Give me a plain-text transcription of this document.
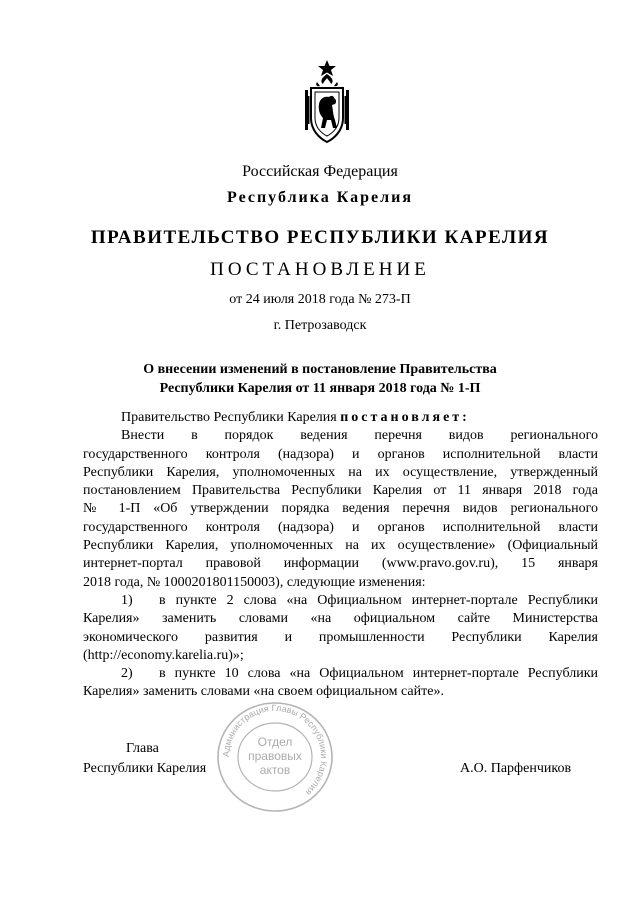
Российская Федерация
Республика Карелия
ПРАВИТЕЛЬСТВО РЕСПУБЛИКИ КАРЕЛИЯ
ПОСТАНОВЛЕНИЕ
от 24 июля 2018 года № 273-П
г. Петрозаводск
О внесении изменений в постановление Правительства
Республики Карелия от 11 января 2018 года № 1-П

Правительство Республики Карелия постановляет:

Внести в порядок ведения перечня видов регионального

государственного контроля (надзора) и органов исполнительной власти

Республики Карелия, уполномоченных на их осуществление, утвержденный

постановлением Правительства Республики Карелия от 11 января 2018 года

№ 1-П «Об утверждении порядка ведения перечня видов регионального

государственного контроля (надзора) и органов исполнительной власти

Республики Карелия, уполномоченных на их осуществление» (Официальный

интернет-портал правовой информации (www.pravo.gov.ru), 15 января

2018 года, № 1000201801150003), следующие изменения:

1) в пункте 2 слова «на Официальном интернет-портале Республики

Карелия» заменить словами «на официальном сайте Министерства

экономического развития и промышленности Республики Карелия

(http://economy.karelia.ru)»;

2) в пункте 10 слова «на Официальном интернет-портале Республики

Карелия» заменить словами «на своем официальном сайте».

Администрация Главы Республики Карелия
Отдел
правовых
актов
Глава
Республики Карелия	А.О. Парфенчиков
